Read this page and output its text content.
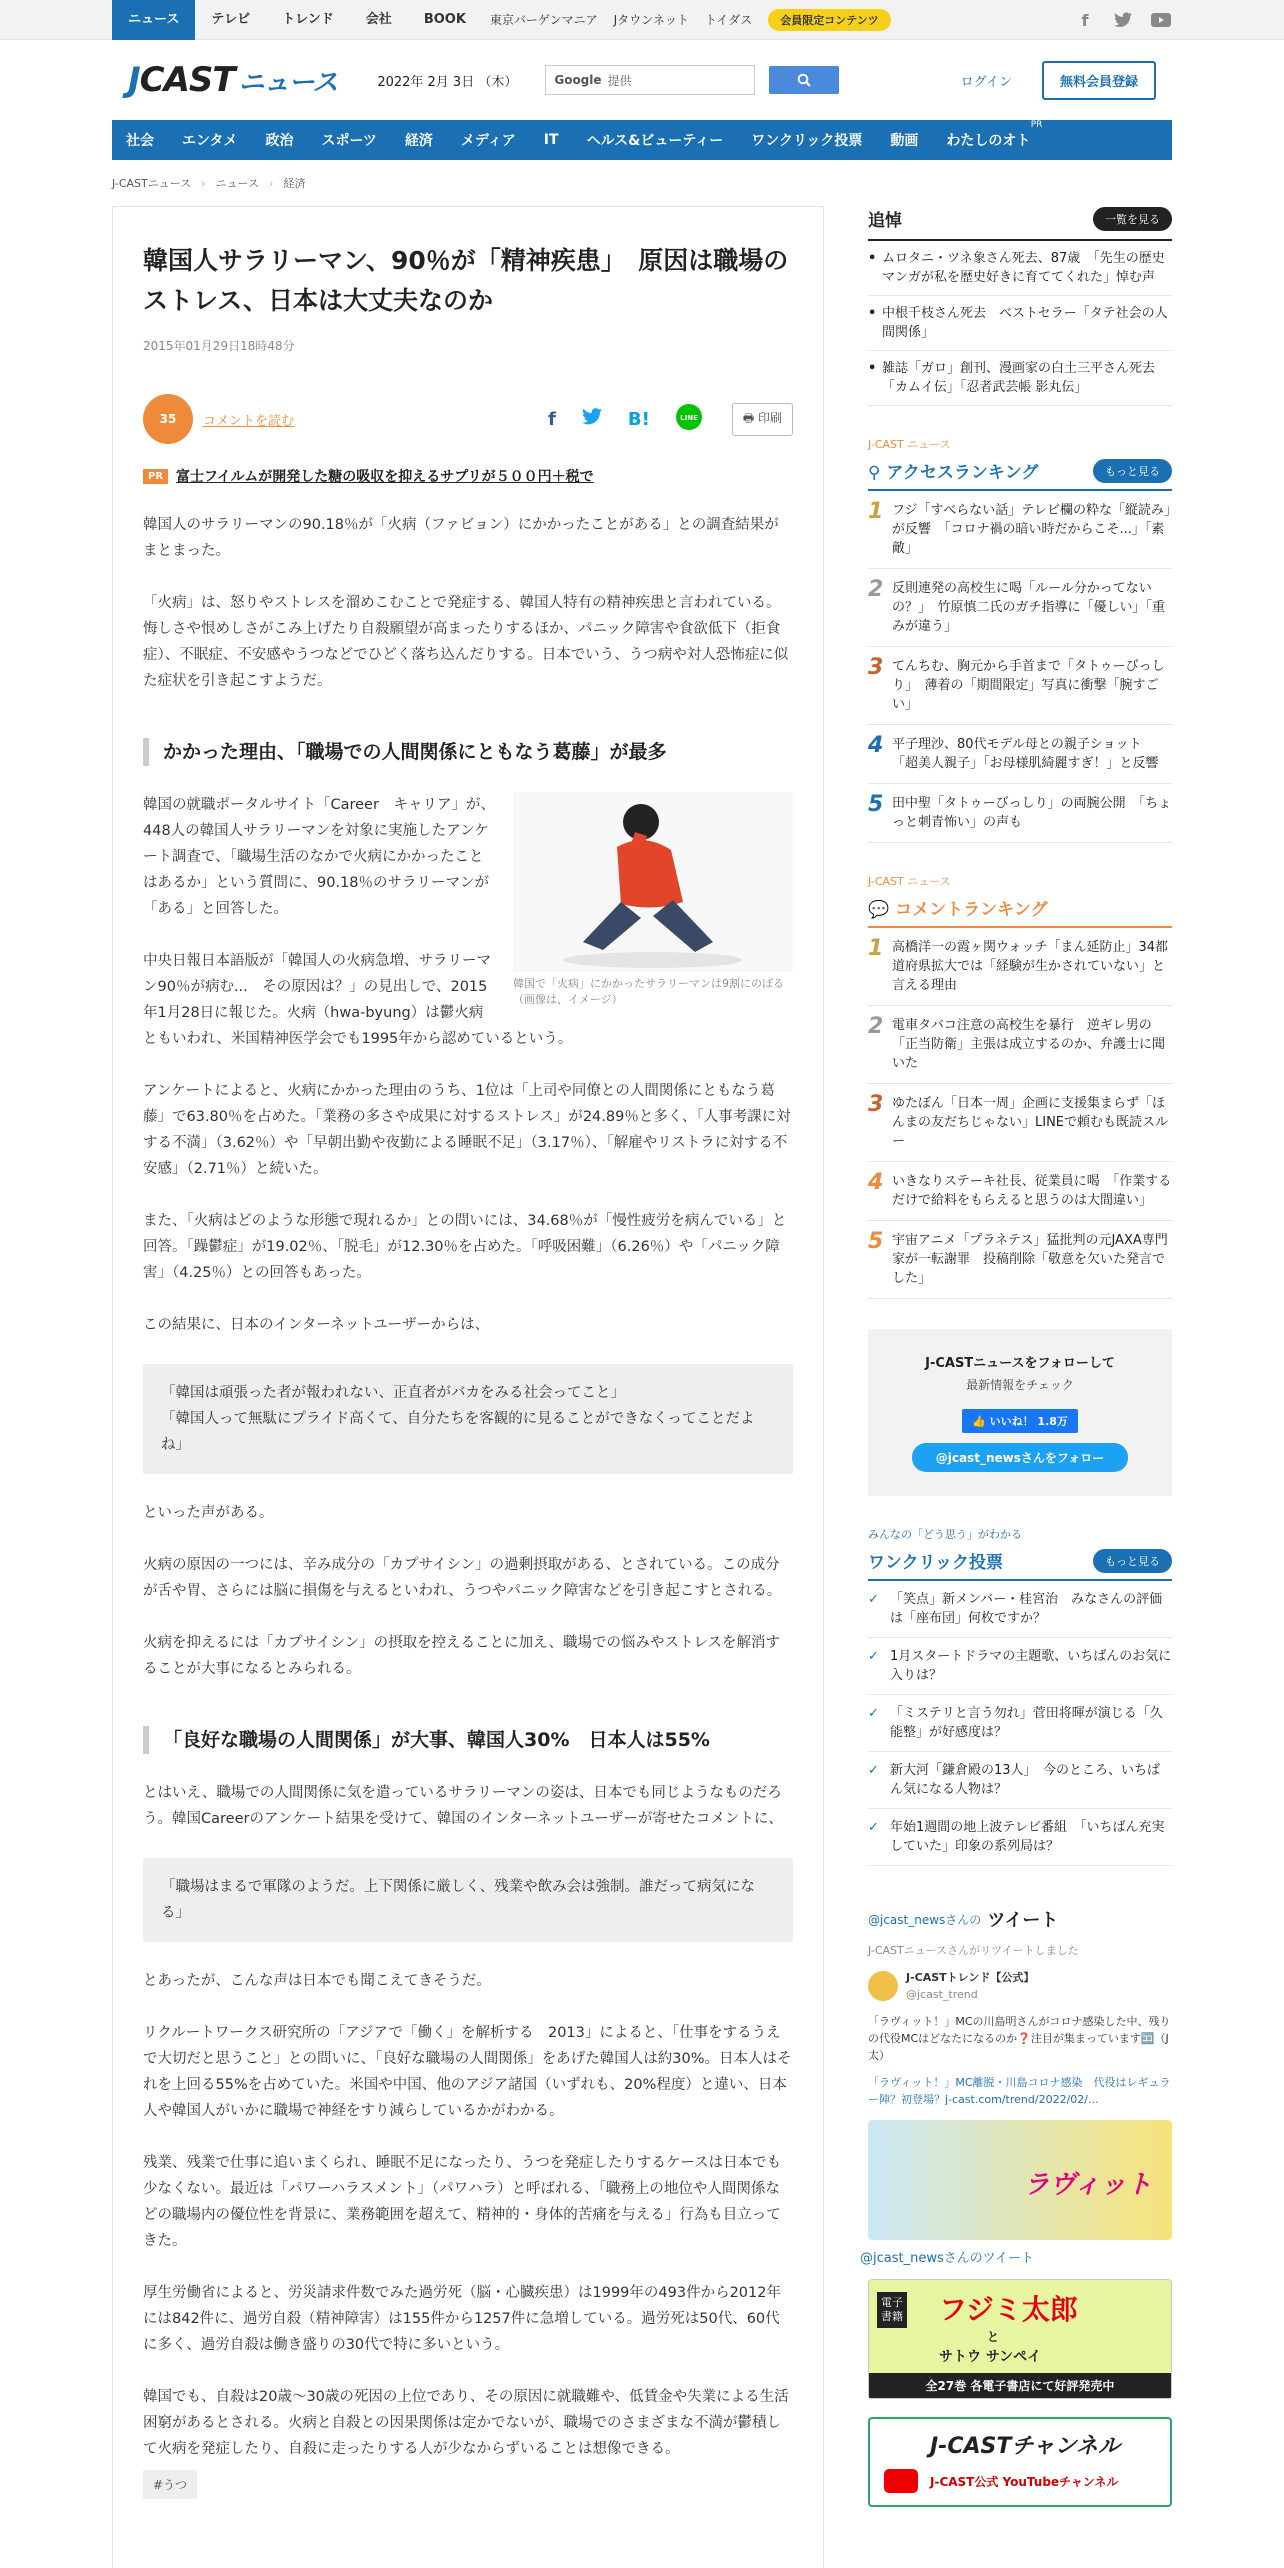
ニュース	テレビ	トレンド	会社	BOOK	東京バーゲンマニア	Jタウンネット	トイダス	会員限定コンテンツ	f
JCAST ニュース	2022年 2月 3日 （木）	Google 提供	ログイン	無料会員登録
社会	エンタメ	政治	スポーツ	経済	メディア	IT	ヘルス&ビューティー	ワンクリック投票	動画	わたしのオト
PR
J-CASTニュース › ニュース › 経済
韓国人サラリーマン、90％が「精神疾患」　原因は職場のストレス、日本は大丈夫なのか
2015年01月29日18時48分
35	コメントを読む	f	B!	LINE	🖶 印刷
PR 富士フイルムが開発した糖の吸収を抑えるサプリが５００円＋税で

韓国人のサラリーマンの90.18％が「火病（ファビョン）にかかったことがある」との調査結果がまとまった。

「火病」は、怒りやストレスを溜めこむことで発症する、韓国人特有の精神疾患と言われている。悔しさや恨めしさがこみ上げたり自殺願望が高まったりするほか、パニック障害や食欲低下（拒食症）、不眠症、不安感やうつなどでひどく落ち込んだりする。日本でいう、うつ病や対人恐怖症に似た症状を引き起こすようだ。

かかった理由、「職場での人間関係にともなう葛藤」が最多
韓国で「火病」にかかったサラリーマンは9割にのぼる（画像は、イメージ）

韓国の就職ポータルサイト「Career　キャリア」が、448人の韓国人サラリーマンを対象に実施したアンケート調査で、「職場生活のなかで火病にかかったことはあるか」という質問に、90.18％のサラリーマンが「ある」と回答した。

中央日報日本語版が「韓国人の火病急増、サラリーマン90％が病む...　その原因は？」の見出しで、2015年1月28日に報じた。火病（hwa-byung）は鬱火病ともいわれ、米国精神医学会でも1995年から認めているという。

アンケートによると、火病にかかった理由のうち、1位は「上司や同僚との人間関係にともなう葛藤」で63.80％を占めた。「業務の多さや成果に対するストレス」が24.89％と多く、「人事考課に対する不満」（3.62％）や「早朝出勤や夜勤による睡眠不足」（3.17％）、「解雇やリストラに対する不安感」（2.71％）と続いた。

また、「火病はどのような形態で現れるか」との問いには、34.68％が「慢性疲労を病んでいる」と回答。「躁鬱症」が19.02％、「脱毛」が12.30％を占めた。「呼吸困難」（6.26％）や「パニック障害」（4.25％）との回答もあった。

この結果に、日本のインターネットユーザーからは、

「韓国は頑張った者が報われない、正直者がバカをみる社会ってこと」
「韓国人って無駄にプライド高くて、自分たちを客観的に見ることができなくってことだよね」

といった声がある。

火病の原因の一つには、辛み成分の「カプサイシン」の過剰摂取がある、とされている。この成分が舌や胃、さらには脳に損傷を与えるといわれ、うつやパニック障害などを引き起こすとされる。

火病を抑えるには「カプサイシン」の摂取を控えることに加え、職場での悩みやストレスを解消することが大事になるとみられる。

「良好な職場の人間関係」が大事、韓国人30%　日本人は55%

とはいえ、職場での人間関係に気を遣っているサラリーマンの姿は、日本でも同じようなものだろう。韓国Careerのアンケート結果を受けて、韓国のインターネットユーザーが寄せたコメントに、

「職場はまるで軍隊のようだ。上下関係に厳しく、残業や飲み会は強制。誰だって病気になる」

とあったが、こんな声は日本でも聞こえてきそうだ。

リクルートワークス研究所の「アジアで「働く」を解析する　2013」によると、「仕事をするうえで大切だと思うこと」との問いに、「良好な職場の人間関係」をあげた韓国人は約30%。日本人はそれを上回る55%を占めていた。米国や中国、他のアジア諸国（いずれも、20%程度）と違い、日本人や韓国人がいかに職場で神経をすり減らしているかがわかる。

残業、残業で仕事に追いまくられ、睡眠不足になったり、うつを発症したりするケースは日本でも少なくない。最近は「パワーハラスメント」（パワハラ）と呼ばれる、「職務上の地位や人間関係などの職場内の優位性を背景に、業務範囲を超えて、精神的・身体的苦痛を与える」行為も目立ってきた。

厚生労働省によると、労災請求件数でみた過労死（脳・心臓疾患）は1999年の493件から2012年には842件に、過労自殺（精神障害）は155件から1257件に急増している。過労死は50代、60代に多く、過労自殺は働き盛りの30代で特に多いという。

韓国でも、自殺は20歳～30歳の死因の上位であり、その原因に就職難や、低賃金や失業による生活困窮があるとされる。火病と自殺との因果関係は定かでないが、職場でのさまざまな不満が鬱積して火病を発症したり、自殺に走ったりする人が少なからずいることは想像できる。

#うつ
追悼	一覧を見る
• ムロタニ・ツネ象さん死去、87歳　「先生の歴史マンガが私を歴史好きに育ててくれた」悼む声
• 中根千枝さん死去　ベストセラー「タテ社会の人間関係」
• 雑誌「ガロ」創刊、漫画家の白土三平さん死去　「カムイ伝」「忍者武芸帳 影丸伝」
J-CAST ニュース
⚲ アクセスランキング	もっと見る
1 フジ「すべらない話」テレビ欄の粋な「縦読み」が反響　「コロナ禍の暗い時だからこそ...」「素敵」
2 反則連発の高校生に喝「ルール分かってないの？」　竹原慎二氏のガチ指導に「優しい」「重みが違う」
3 てんちむ、胸元から手首まで「タトゥーびっしり」　薄着の「期間限定」写真に衝撃「腕すごい」
4 平子理沙、80代モデル母との親子ショット　「超美人親子」「お母様肌綺麗すぎ！」と反響
5 田中聖「タトゥーびっしり」の両腕公開　「ちょっと刺青怖い」の声も
J-CAST ニュース
💬 コメントランキング
1 高橋洋一の霞ヶ関ウォッチ「まん延防止」34都道府県拡大では「経験が生かされていない」と言える理由
2 電車タバコ注意の高校生を暴行　逆ギレ男の「正当防衛」主張は成立するのか、弁護士に聞いた
3 ゆたぼん「日本一周」企画に支援集まらず「ほんまの友だちじゃない」LINEで頼むも既読スルー
4 いきなりステーキ社長、従業員に喝　「作業するだけで給料をもらえると思うのは大間違い」
5 宇宙アニメ「プラネテス」猛批判の元JAXA専門家が一転謝罪　投稿削除「敬意を欠いた発言でした」
J-CASTニュースをフォローして
最新情報をチェック
👍 いいね！ 1.8万
@jcast_newsさんをフォロー
みんなの「どう思う」がわかる
ワンクリック投票	もっと見る
✓ 「笑点」新メンバー・桂宮治　みなさんの評価は「座布団」何枚ですか？
✓ 1月スタートドラマの主題歌、いちばんのお気に入りは？
✓ 「ミステリと言う勿れ」菅田将暉が演じる「久能整」が好感度は？
✓ 新大河「鎌倉殿の13人」　今のところ、いちばん気になる人物は？
✓ 年始1週間の地上波テレビ番組　「いちばん充実していた」印象の系列局は？
@jcast_newsさんの ツイート
J-CASTニュースさんがリツイートしました
J-CASTトレンド【公式】
@jcast_trend
「ラヴィット！」MCの川島明さんがコロナ感染した中、残りの代役MCはどなたになるのか❓注目が集まっています🈁（J太）
「ラヴィット！」MC離脱・川島コロナ感染　代役はレギュラー陣？初登場？j-cast.com/trend/2022/02/...
ラヴィット
@jcast_newsさんのツイート
電子
書籍 フジミ太郎
と
サトウ サンペイ
全27巻 各電子書店にて好評発売中
J-CASTチャンネル
J-CAST公式 YouTubeチャンネル
